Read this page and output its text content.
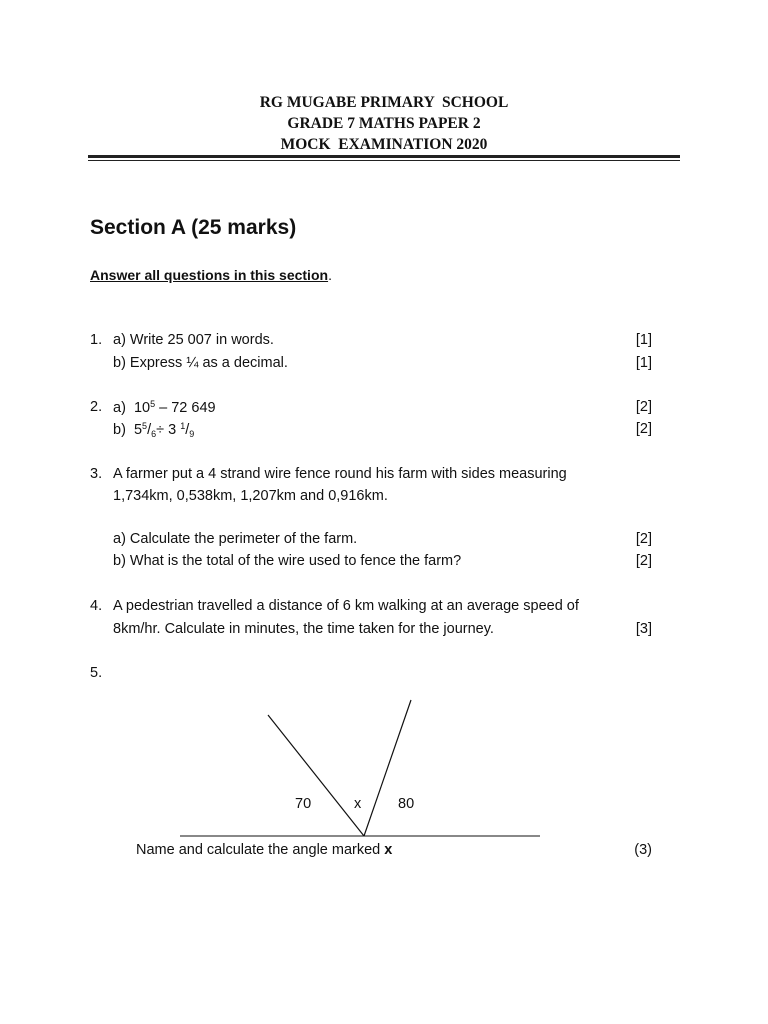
RG MUGABE PRIMARY  SCHOOL
GRADE 7 MATHS PAPER 2
MOCK  EXAMINATION 2020
Section A (25 marks)
Answer all questions in this section.
1. a) Write 25 007 in words.	[1]
b) Express ¼ as a decimal.	[1]
2. a) $10^5 - 72$ 649	[2]
b) $5^5/_6\div 3$ $^1/_9$	[2]
3. A farmer put a 4 strand wire fence round his farm with sides measuring
1,734km, 0,538km, 1,207km and 0,916km.
a) Calculate the perimeter of the farm.	[2]
b) What is the total of the wire used to fence the farm?	[2]
4. A pedestrian travelled a distance of 6 km walking at an average speed of
8km/hr. Calculate in minutes, the time taken for the journey.	[3]
5.
70	x	80
Name and calculate the angle marked x	(3)
